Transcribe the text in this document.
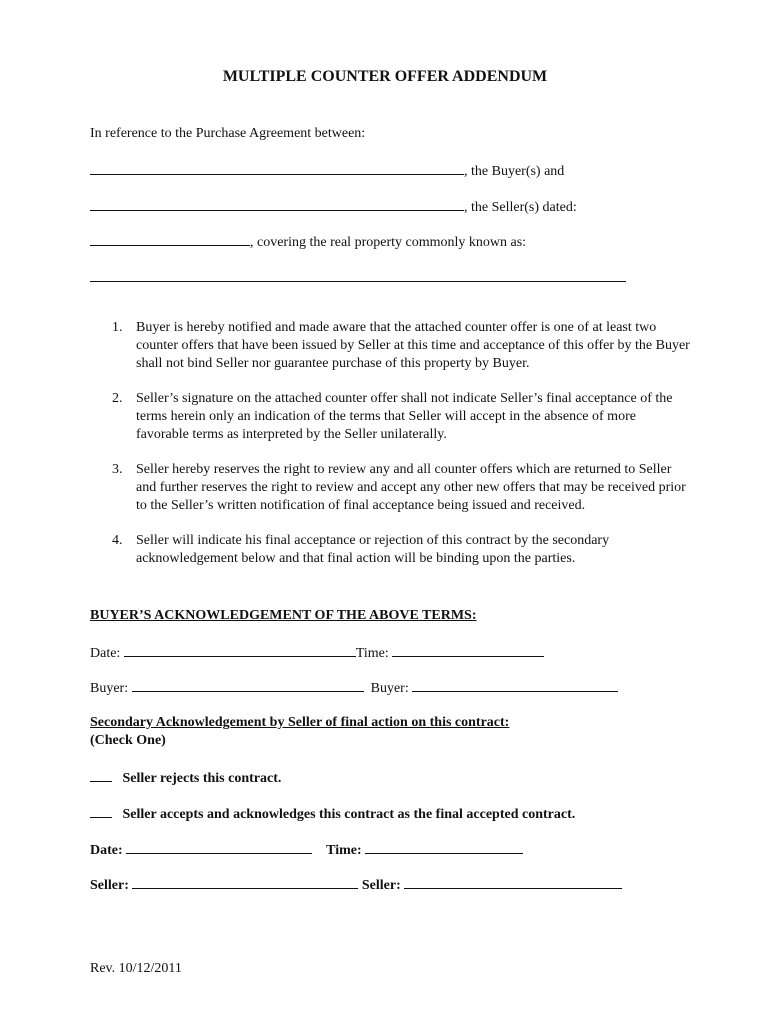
MULTIPLE COUNTER OFFER ADDENDUM
In reference to the Purchase Agreement between:
, the Buyer(s) and
, the Seller(s) dated:
, covering the real property commonly known as:
1. Buyer is hereby notified and made aware that the attached counter offer is one of at least two counter offers that have been issued by Seller at this time and acceptance of this offer by the Buyer shall not bind Seller nor guarantee purchase of this property by Buyer.
2. Seller’s signature on the attached counter offer shall not indicate Seller’s final acceptance of the terms herein only an indication of the terms that Seller will accept in the absence of more favorable terms as interpreted by the Seller unilaterally.
3. Seller hereby reserves the right to review any and all counter offers which are returned to Seller and further reserves the right to review and accept any other new offers that may be received prior to the Seller’s written notification of final acceptance being issued and received.
4. Seller will indicate his final acceptance or rejection of this contract by the secondary acknowledgement below and that final action will be binding upon the parties.
BUYER’S ACKNOWLEDGEMENT OF THE ABOVE TERMS:
Date:	Time:
Buyer:	Buyer:
Secondary Acknowledgement by Seller of final action on this contract:
(Check One)
Seller rejects this contract.
Seller accepts and acknowledges this contract as the final accepted contract.
Date:	Time:
Seller:	Seller:
Rev. 10/12/2011
